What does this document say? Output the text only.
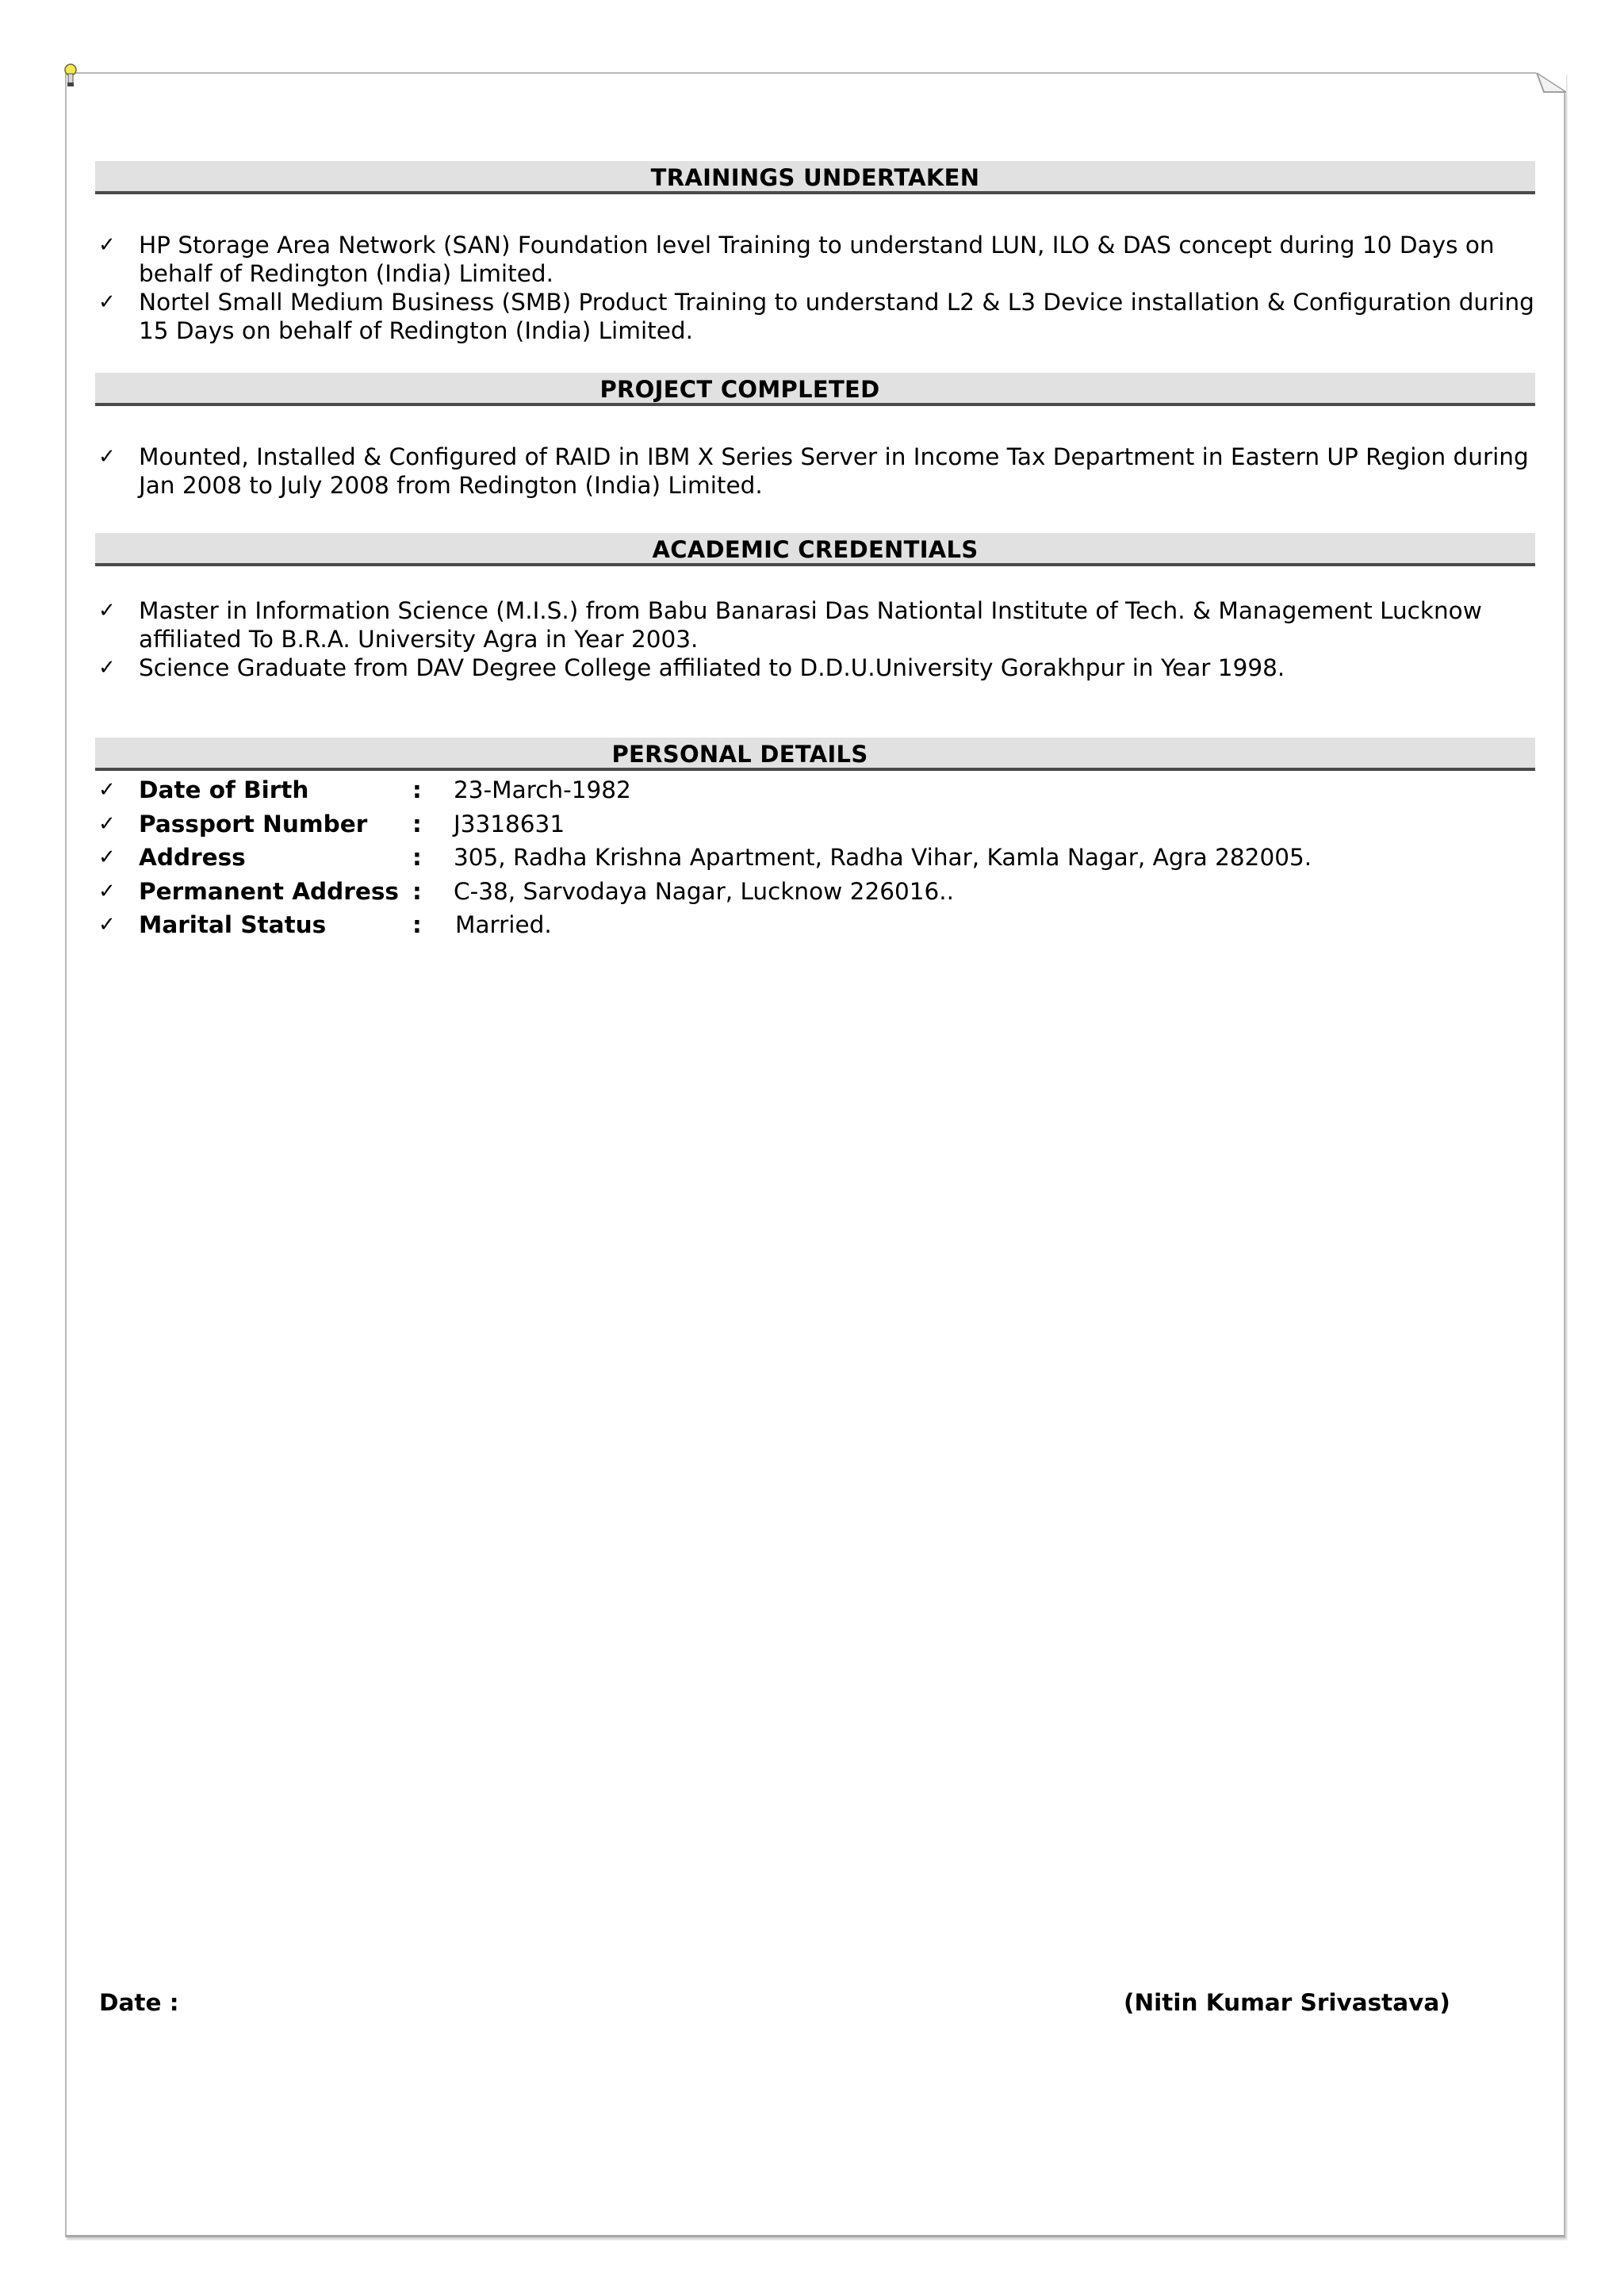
TRAININGS UNDERTAKEN
✓ HP Storage Area Network (SAN) Foundation level Training to understand LUN, ILO & DAS concept during 10 Days on behalf of Redington (India) Limited.
✓ Nortel Small Medium Business (SMB) Product Training to understand L2 & L3 Device installation & Configuration during 15 Days on behalf of Redington (India) Limited.
PROJECT COMPLETED
✓ Mounted, Installed & Configured of RAID in IBM X Series Server in Income Tax Department in Eastern UP Region during Jan 2008 to July 2008 from Redington (India) Limited.
ACADEMIC CREDENTIALS
✓ Master in Information Science (M.I.S.) from Babu Banarasi Das Nationtal Institute of Tech. & Management Lucknow affiliated To B.R.A. University Agra in Year 2003.
✓ Science Graduate from DAV Degree College affiliated to D.D.U.University Gorakhpur in Year 1998.
PERSONAL DETAILS
✓ Date of Birth	: 23-March-1982
✓ Passport Number : J3318631
✓ Address	: 305, Radha Krishna Apartment, Radha Vihar, Kamla Nagar, Agra 282005.
✓ Permanent Address : C-38, Sarvodaya Nagar, Lucknow 226016..
✓ Marital Status	: Married.
Date :	(Nitin Kumar Srivastava)
